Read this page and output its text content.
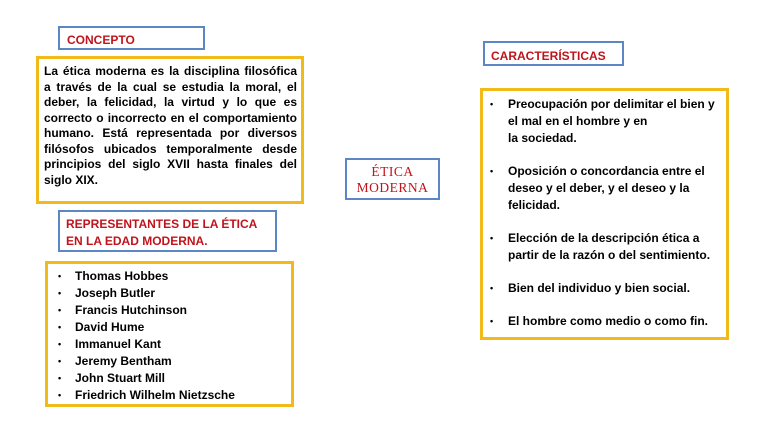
CONCEPTO
La ética moderna es la disciplina filosófica a través de la cual se estudia la moral, el deber, la felicidad, la virtud y lo que es correcto o incorrecto en el comportamiento humano. Está representada por diversos filósofos ubicados temporalmente desde principios del siglo XVII hasta finales del siglo XIX.
REPRESENTANTES DE LA ÉTICA EN LA EDAD MODERNA.
• Thomas Hobbes
• Joseph Butler
• Francis Hutchinson
• David Hume
• Immanuel Kant
• Jeremy Bentham
• John Stuart Mill
• Friedrich Wilhelm Nietzsche
ÉTICA
MODERNA
CARACTERÍSTICAS
• Preocupación por delimitar el bien y el mal en el hombre y en
la sociedad.
• Oposición o concordancia entre el deseo y el deber, y el deseo y la felicidad.
• Elección de la descripción ética a partir de la razón o del sentimiento.
• Bien del individuo y bien social.
• El hombre como medio o como fin.
